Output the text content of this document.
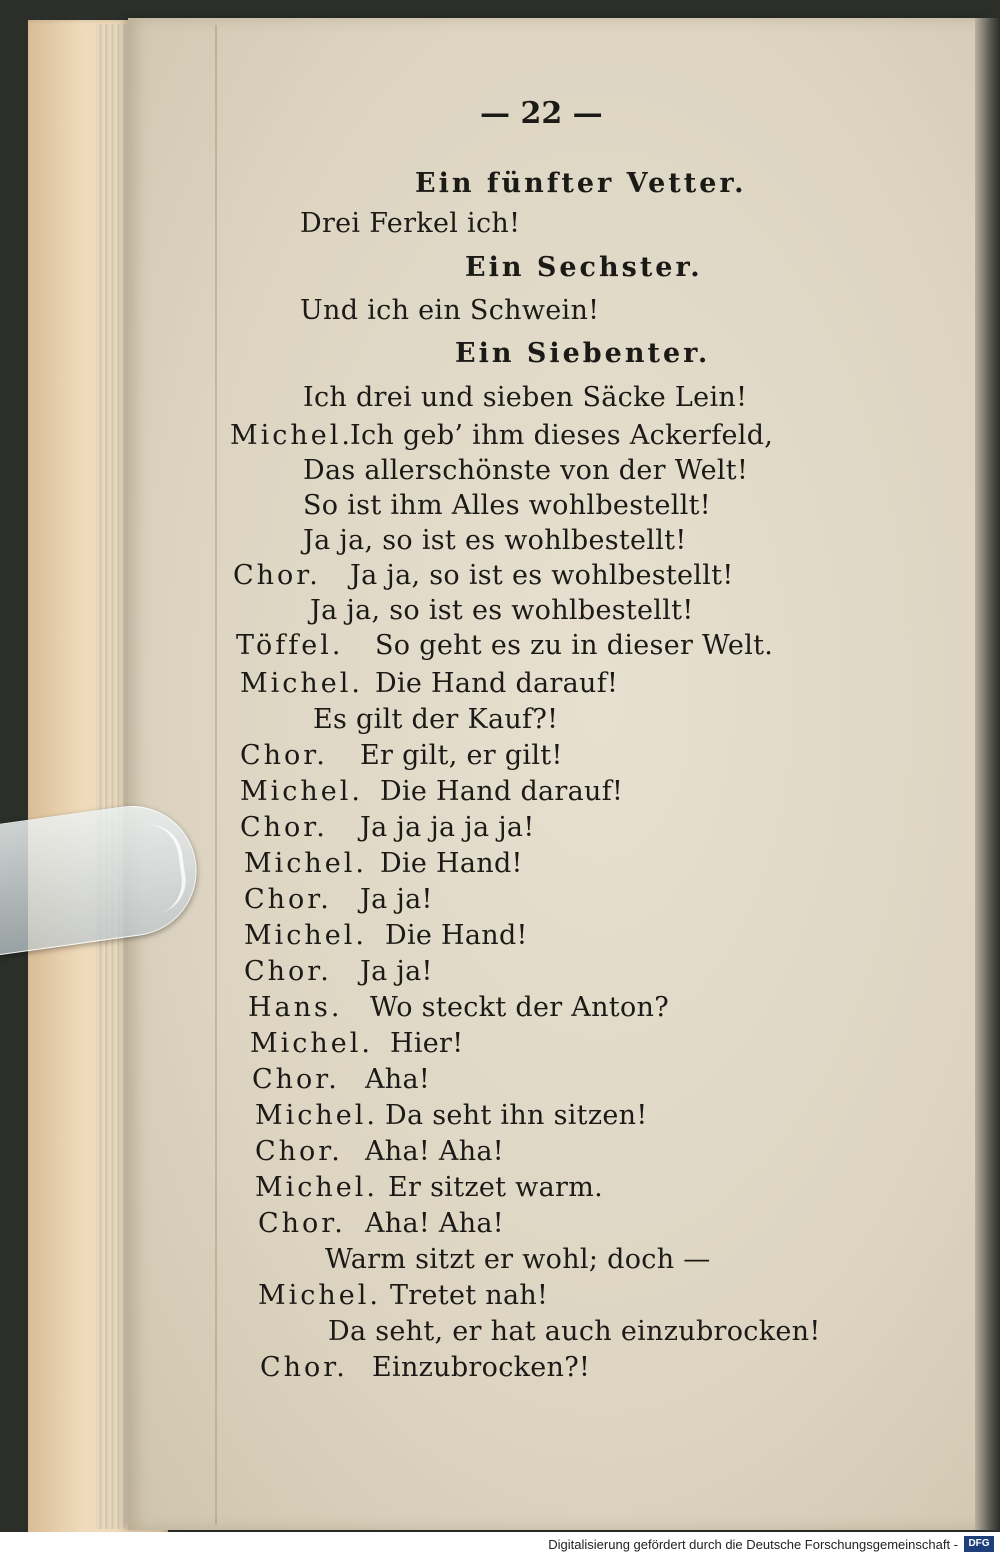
— 22 —
Ein fünfter Vetter.
Drei Ferkel ich!
Ein Sechster.
Und ich ein Schwein!
Ein Siebenter.
Ich drei und sieben Säcke Lein!
Michel.
Ich geb’ ihm dieses Ackerfeld,
Das allerschönste von der Welt!
So ist ihm Alles wohlbestellt!
Ja ja, so ist es wohlbestellt!
Chor. Ja ja, so ist es wohlbestellt!
Ja ja, so ist es wohlbestellt!
Töffel. So geht es zu in dieser Welt.
Michel. Die Hand darauf!
Es gilt der Kauf?!
Chor. Er gilt, er gilt!
Michel. Die Hand darauf!
Chor. Ja ja ja ja ja!
Michel. Die Hand!
Chor. Ja ja!
Michel. Die Hand!
Chor. Ja ja!
Hans. Wo steckt der Anton?
Michel. Hier!
Chor. Aha!
Michel. Da seht ihn sitzen!
Chor. Aha! Aha!
Michel. Er sitzet warm.
Chor. Aha! Aha!
Warm sitzt er wohl; doch —
Michel. Tretet nah!
Da seht, er hat auch einzubrocken!
Chor. Einzubrocken?!
Digitalisierung gefördert durch die Deutsche Forschungsgemeinschaft -	DFG
